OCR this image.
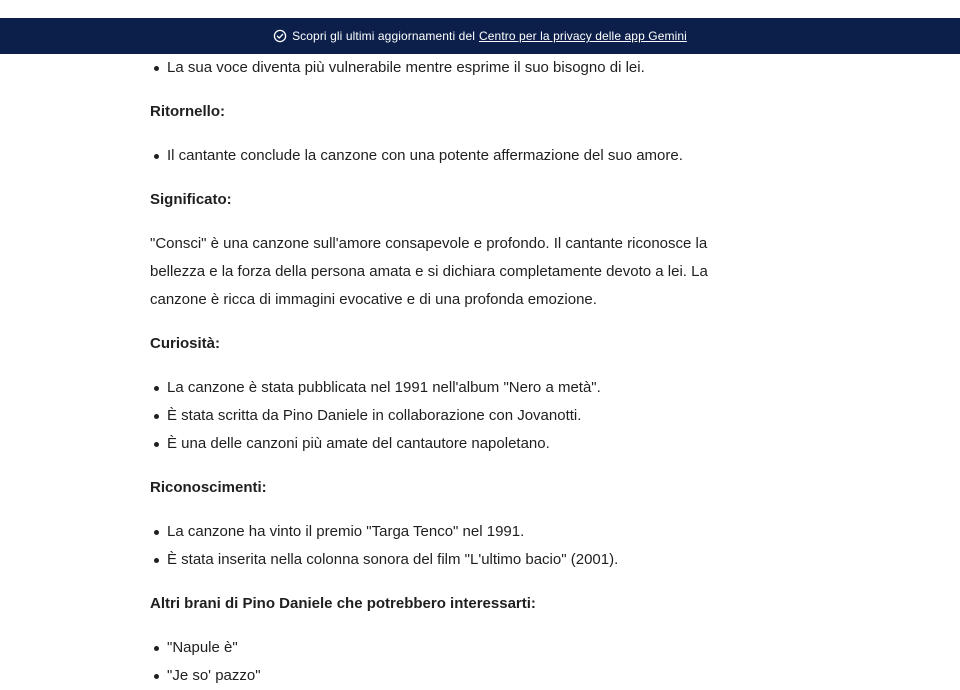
Scopri gli ultimi aggiornamenti del Centro per la privacy delle app Gemini
La sua voce diventa più vulnerabile mentre esprime il suo bisogno di lei.
Ritornello:
Il cantante conclude la canzone con una potente affermazione del suo amore.
Significato:

"Consci" è una canzone sull'amore consapevole e profondo. Il cantante riconosce la bellezza e la forza della persona amata e si dichiara completamente devoto a lei. La canzone è ricca di immagini evocative e di una profonda emozione.

Curiosità:
La canzone è stata pubblicata nel 1991 nell'album "Nero a metà".
È stata scritta da Pino Daniele in collaborazione con Jovanotti.
È una delle canzoni più amate del cantautore napoletano.
Riconoscimenti:
La canzone ha vinto il premio "Targa Tenco" nel 1991.
È stata inserita nella colonna sonora del film "L'ultimo bacio" (2001).
Altri brani di Pino Daniele che potrebbero interessarti:
"Napule è"
"Je so' pazzo"
